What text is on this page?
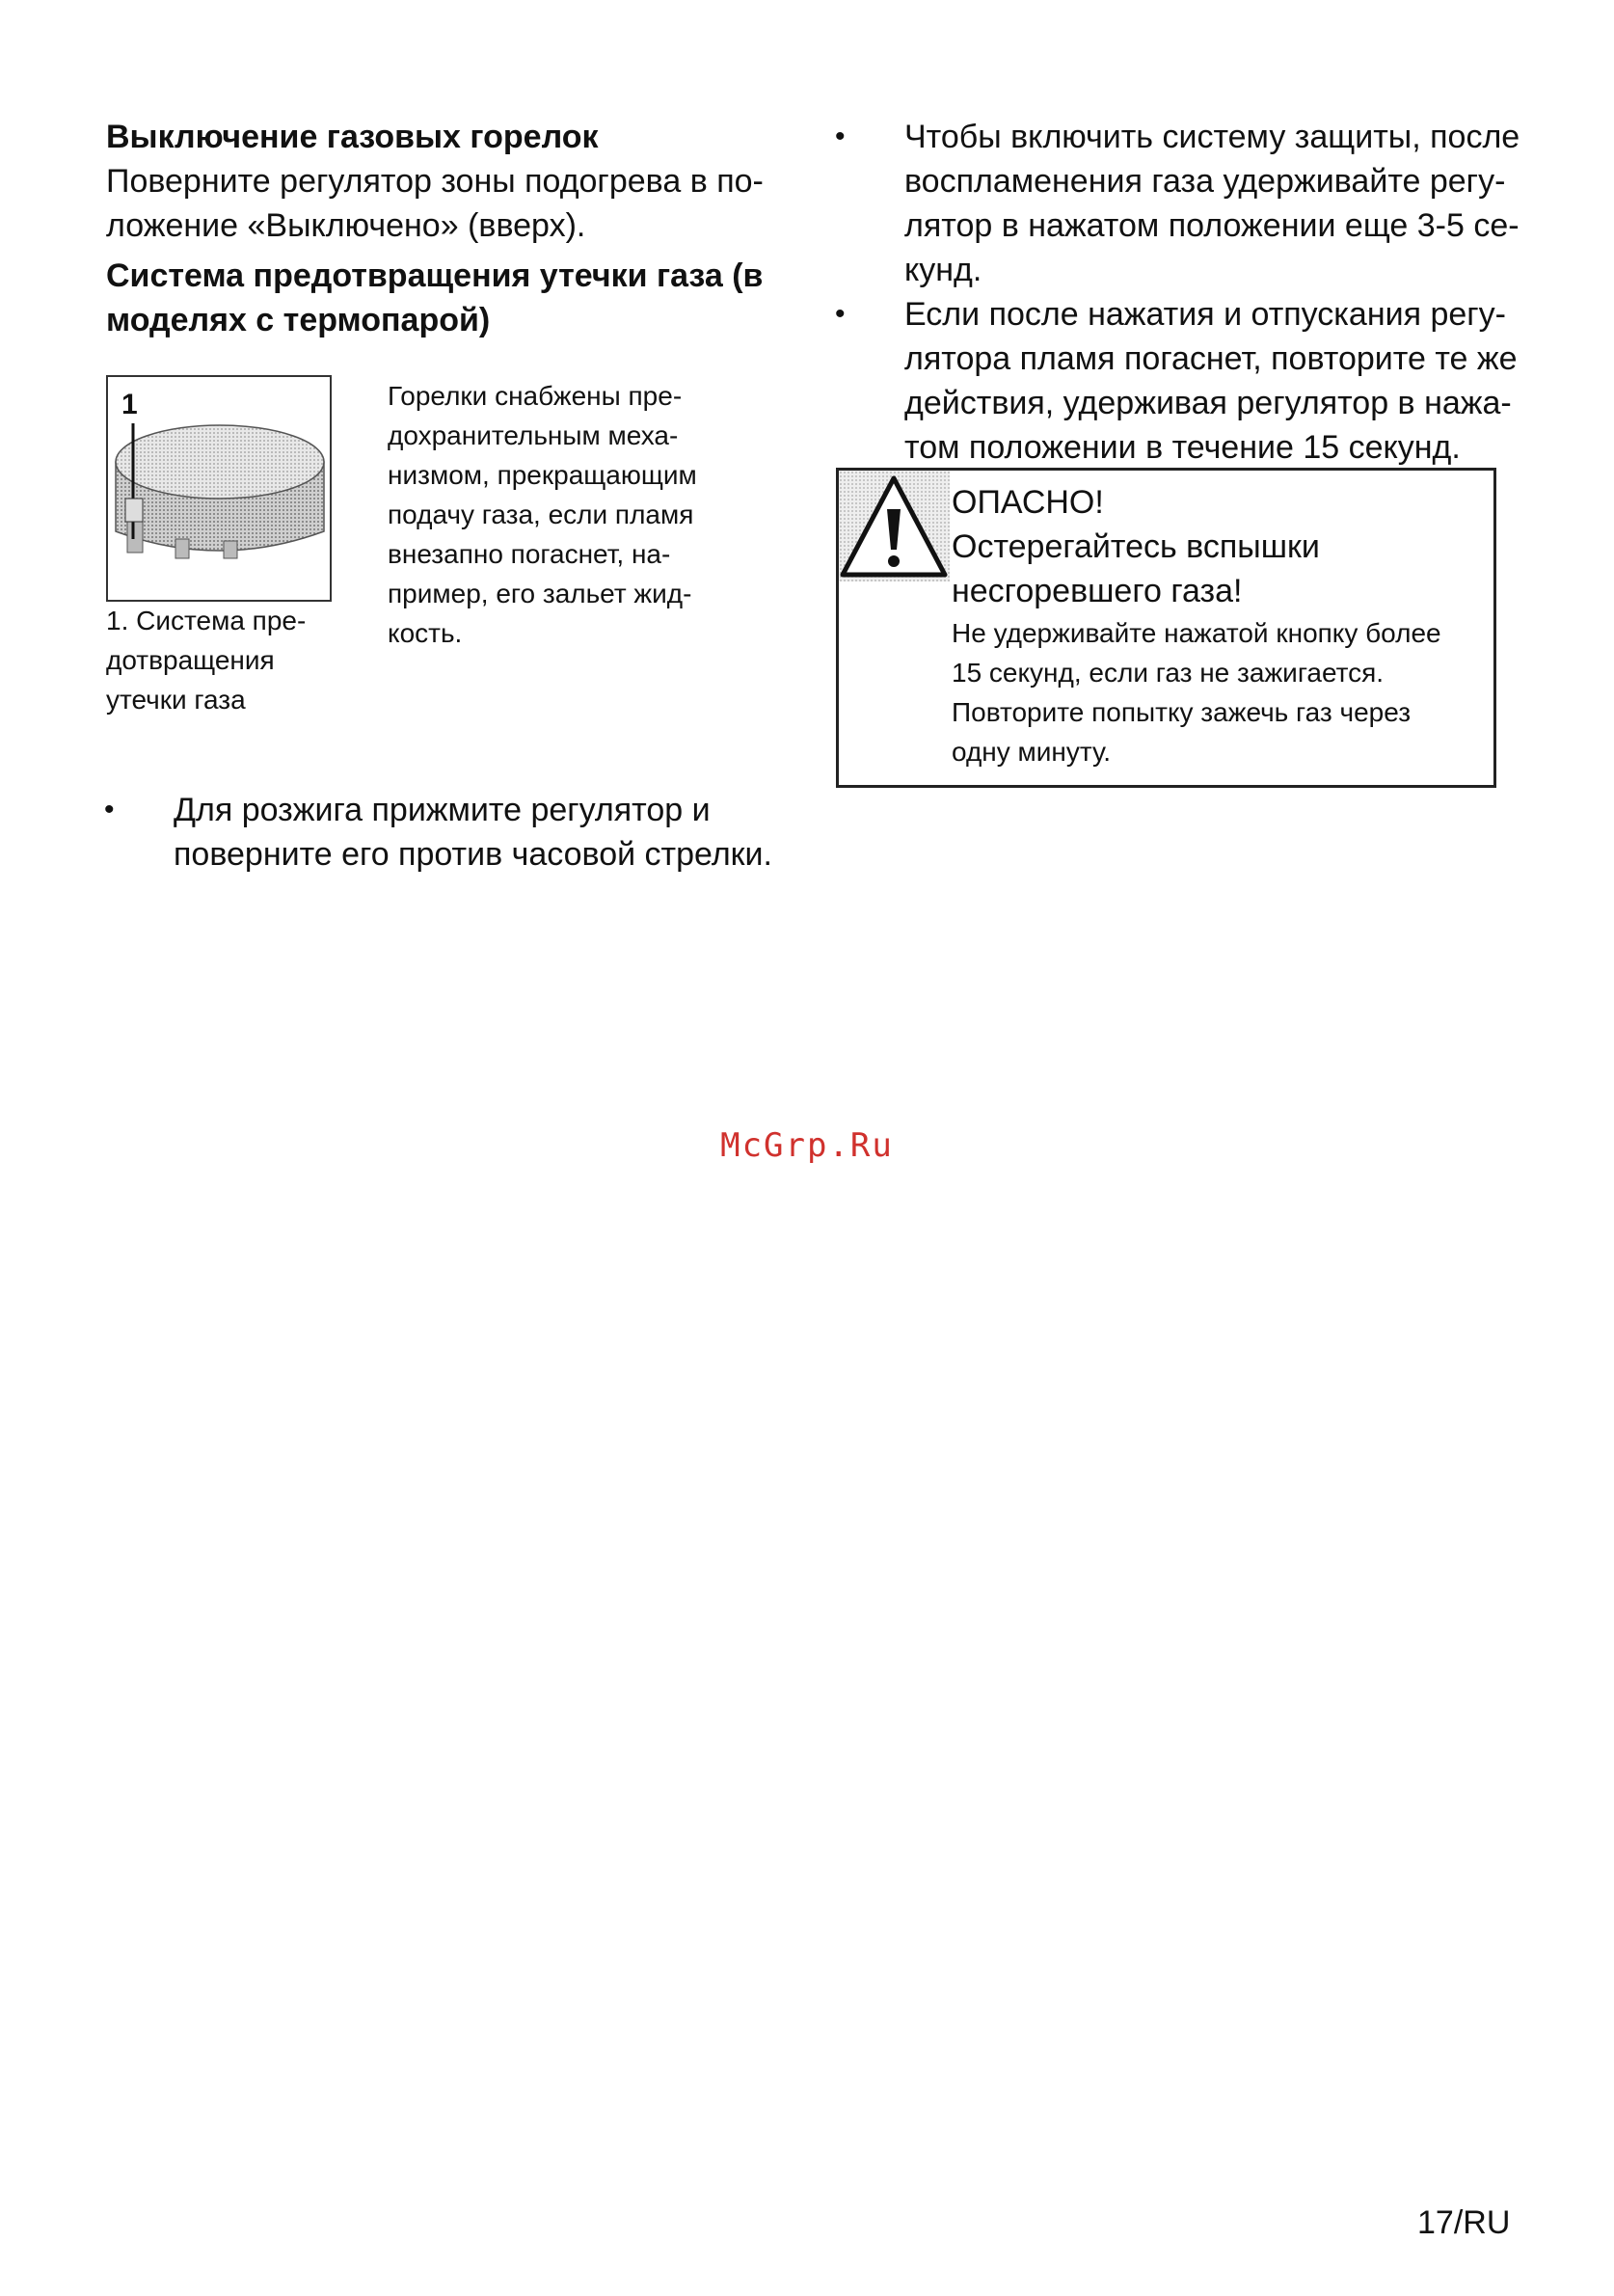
Выключение газовых горелок

Поверните регулятор зоны подогрева в по-

ложение «Выключено» (вверх).

Система предотвращения утечки газа (в

моделях с термопарой)

1
1. Система пре-
дотвращения
утечки газа
Горелки снабжены пре-
дохранительным меха-
низмом, прекращающим
подачу газа, если пламя
внезапно погаснет, на-
пример, его зальет жид-
кость.
• Для розжига прижмите регулятор и

поверните его против часовой стрелки.

• Чтобы включить систему защиты, после

воспламенения газа удерживайте регу-

лятор в нажатом положении еще 3-5 се-

кунд.

• Если после нажатия и отпускания регу-

лятора пламя погаснет, повторите те же

действия, удерживая регулятор в нажа-

том положении в течение 15 секунд.

ОПАСНО!
Остерегайтесь вспышки
несгоревшего газа!
Не удерживайте нажатой кнопку более
15 секунд, если газ не зажигается.
Повторите попытку зажечь газ через
одну минуту.
McGrp.Ru
17/RU
